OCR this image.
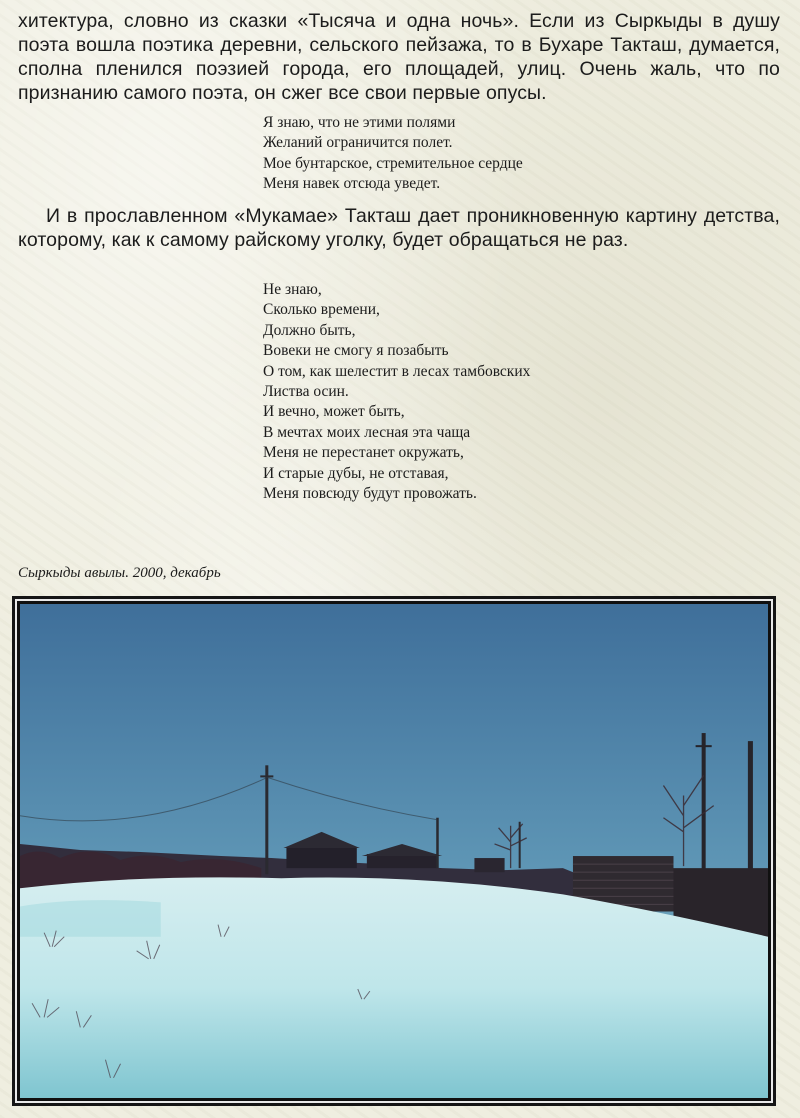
хитектура, словно из сказки «Тысяча и одна ночь». Если из Сыркыды в душу поэта вошла поэтика деревни, сельского пейзажа, то в Бухаре Такташ, думается, сполна пленился поэзией города, его площадей, улиц. Очень жаль, что по признанию самого поэта, он сжег все свои первые опусы.

Я знаю, что не этими полями
Желаний ограничится полет.
Мое бунтарское, стремительное сердце
Меня навек отсюда уведет.

И в прославленном «Мукамае» Такташ дает проникновенную картину детства, которому, как к самому райскому уголку, будет обращаться не раз.

Не знаю,
Сколько времени,
Должно быть,
Вовеки не смогу я позабыть
О том, как шелестит в лесах тамбовских
Листва осин.
И вечно, может быть,
В мечтах моих лесная эта чаща
Меня не перестанет окружать,
И старые дубы, не отставая,
Меня повсюду будут провожать.

Сыркыды авылы. 2000, декабрь
